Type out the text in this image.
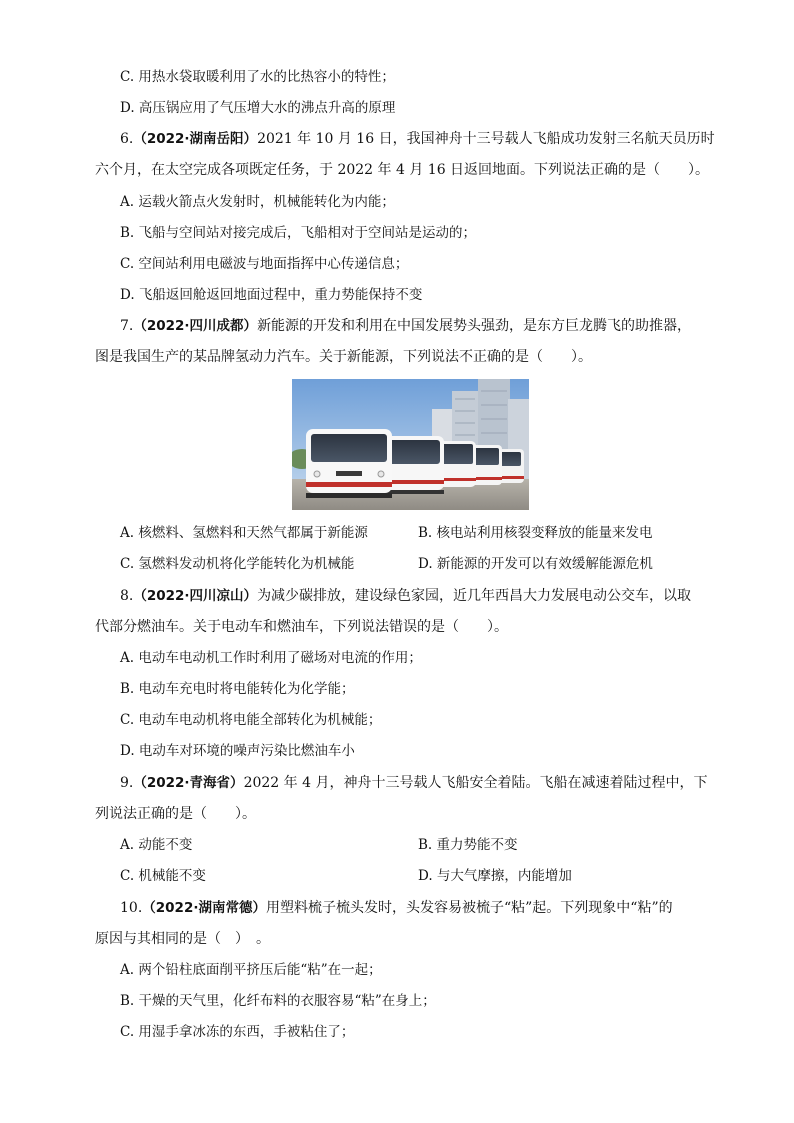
C. 用热水袋取暖利用了水的比热容小的特性；
D. 高压锅应用了气压增大水的沸点升高的原理
6.（2022·湖南岳阳）2021 年 10 月 16 日，我国神舟十三号载人飞船成功发射三名航天员历时
六个月，在太空完成各项既定任务，于 2022 年 4 月 16 日返回地面。下列说法正确的是（　　）。
A. 运载火箭点火发射时，机械能转化为内能；
B. 飞船与空间站对接完成后，飞船相对于空间站是运动的；
C. 空间站利用电磁波与地面指挥中心传递信息；
D. 飞船返回舱返回地面过程中，重力势能保持不变
7.（2022·四川成都）新能源的开发和利用在中国发展势头强劲，是东方巨龙腾飞的助推器，
图是我国生产的某品牌氢动力汽车。关于新能源，下列说法不正确的是（　　）。
A. 核燃料、氢燃料和天然气都属于新能源	B. 核电站利用核裂变释放的能量来发电
C. 氢燃料发动机将化学能转化为机械能	D. 新能源的开发可以有效缓解能源危机
8.（2022·四川凉山）为减少碳排放，建设绿色家园，近几年西昌大力发展电动公交车，以取
代部分燃油车。关于电动车和燃油车，下列说法错误的是（　　）。
A. 电动车电动机工作时利用了磁场对电流的作用；
B. 电动车充电时将电能转化为化学能；
C. 电动车电动机将电能全部转化为机械能；
D. 电动车对环境的噪声污染比燃油车小
9.（2022·青海省）2022 年 4 月，神舟十三号载人飞船安全着陆。飞船在减速着陆过程中，下
列说法正确的是（　　）。
A. 动能不变	B. 重力势能不变
C. 机械能不变	D. 与大气摩擦，内能增加
10.（2022·湖南常德）用塑料梳子梳头发时，头发容易被梳子“粘”起。下列现象中“粘”的
原因与其相同的是（　）　。
A. 两个铅柱底面削平挤压后能“粘”在一起；
B. 干燥的天气里，化纤布料的衣服容易“粘”在身上；
C. 用湿手拿冰冻的东西，手被粘住了；
